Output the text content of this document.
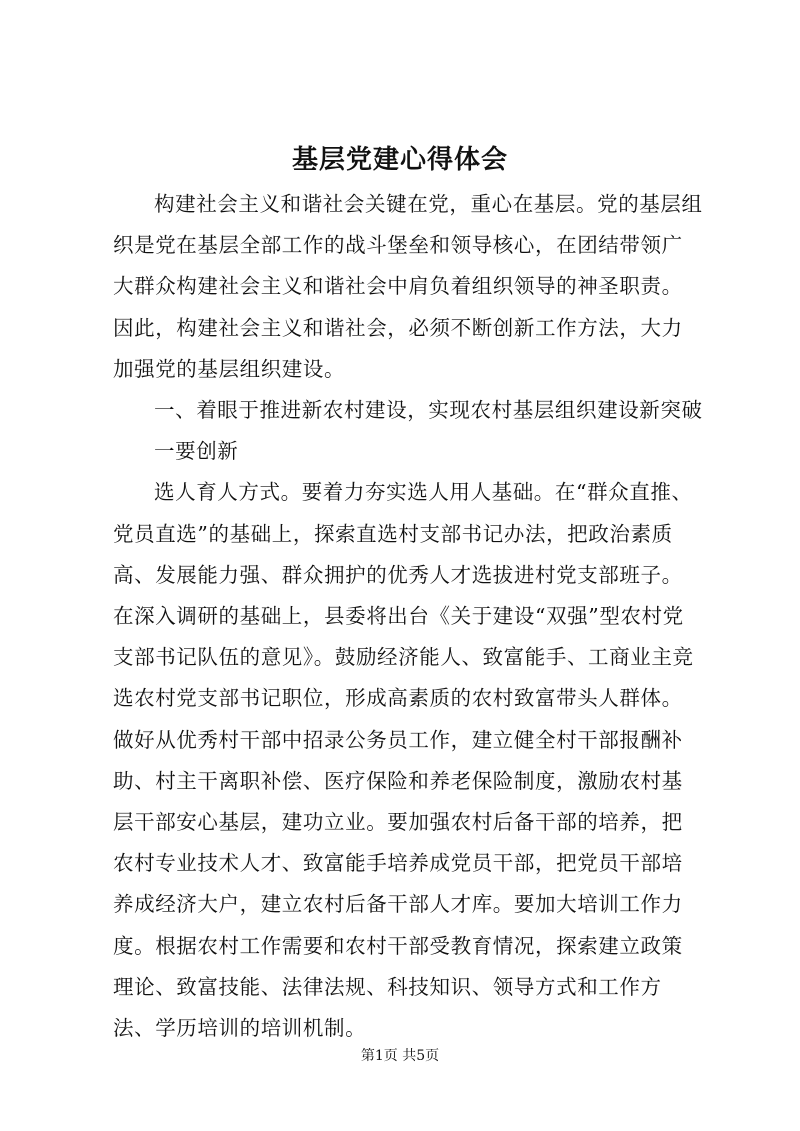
基层党建心得体会

构建社会主义和谐社会关键在党，重心在基层。党的基层组织是党在基层全部工作的战斗堡垒和领导核心，在团结带领广大群众构建社会主义和谐社会中肩负着组织领导的神圣职责。因此，构建社会主义和谐社会，必须不断创新工作方法，大力加强党的基层组织建设。

一、着眼于推进新农村建设，实现农村基层组织建设新突破

一要创新

选人育人方式。要着力夯实选人用人基础。在“群众直推、党员直选”的基础上，探索直选村支部书记办法，把政治素质高、发展能力强、群众拥护的优秀人才选拔进村党支部班子。在深入调研的基础上，县委将出台《关于建设“双强”型农村党支部书记队伍的意见》。鼓励经济能人、致富能手、工商业主竞选农村党支部书记职位，形成高素质的农村致富带头人群体。做好从优秀村干部中招录公务员工作，建立健全村干部报酬补助、村主干离职补偿、医疗保险和养老保险制度，激励农村基层干部安心基层，建功立业。要加强农村后备干部的培养，把农村专业技术人才、致富能手培养成党员干部，把党员干部培养成经济大户，建立农村后备干部人才库。要加大培训工作力度。根据农村工作需要和农村干部受教育情况，探索建立政策理论、致富技能、法律法规、科技知识、领导方式和工作方法、学历培训的培训机制。

第1页 共5页
